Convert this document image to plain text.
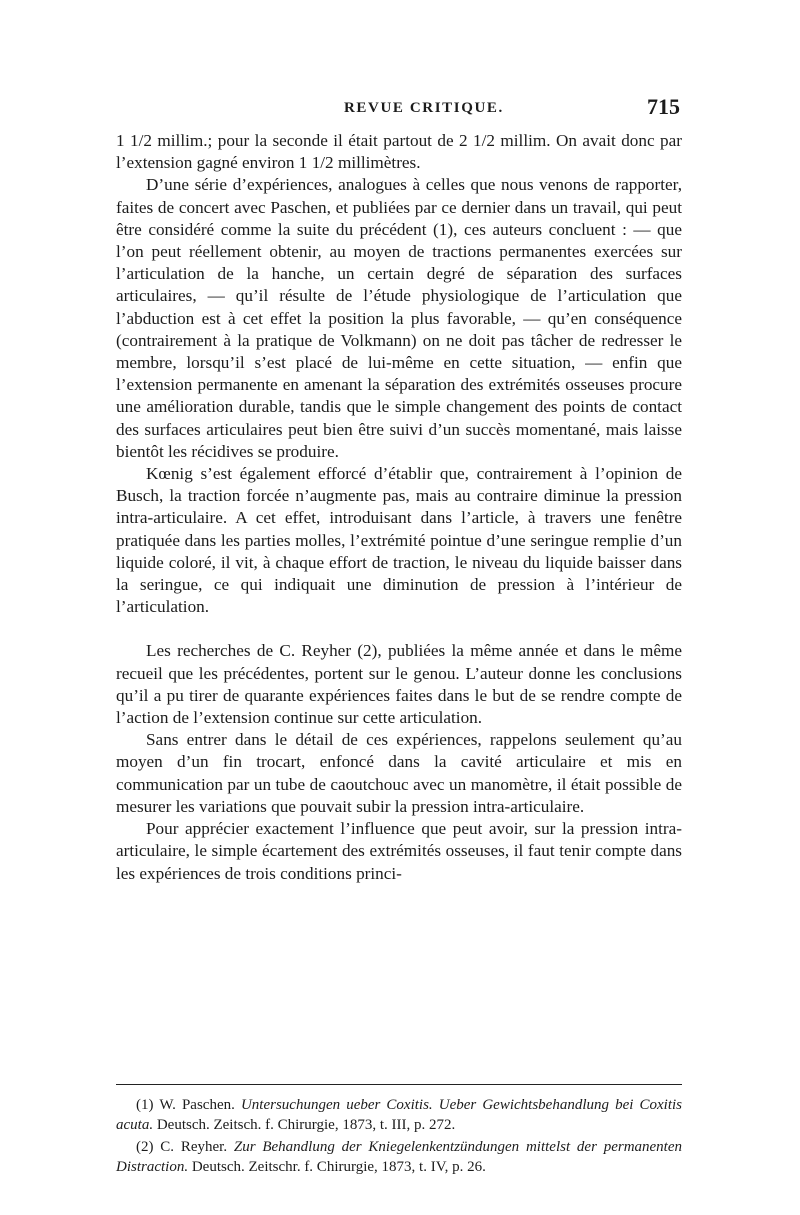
REVUE CRITIQUE.	715

1 1/2 millim.; pour la seconde il était partout de 2 1/2 millim. On avait donc par l’extension gagné environ 1 1/2 millimètres.

D’une série d’expériences, analogues à celles que nous venons de rapporter, faites de concert avec Paschen, et publiées par ce dernier dans un travail, qui peut être considéré comme la suite du précédent (1), ces auteurs concluent : — que l’on peut réellement obtenir, au moyen de tractions permanentes exercées sur l’articulation de la hanche, un certain degré de séparation des surfaces articulaires, — qu’il résulte de l’étude physiologique de l’articulation que l’abduction est à cet effet la position la plus favorable, — qu’en conséquence (contrairement à la pratique de Volkmann) on ne doit pas tâcher de redresser le membre, lorsqu’il s’est placé de lui-même en cette situation, — enfin que l’extension permanente en amenant la séparation des extrémités osseuses procure une amélioration durable, tandis que le simple changement des points de contact des surfaces articulaires peut bien être suivi d’un succès momentané, mais laisse bientôt les récidives se produire.

Kœnig s’est également efforcé d’établir que, contrairement à l’opinion de Busch, la traction forcée n’augmente pas, mais au contraire diminue la pression intra-articulaire. A cet effet, introduisant dans l’article, à travers une fenêtre pratiquée dans les parties molles, l’extrémité pointue d’une seringue remplie d’un liquide coloré, il vit, à chaque effort de traction, le niveau du liquide baisser dans la seringue, ce qui indiquait une diminution de pression à l’intérieur de l’articulation.

Les recherches de C. Reyher (2), publiées la même année et dans le même recueil que les précédentes, portent sur le genou. L’auteur donne les conclusions qu’il a pu tirer de quarante expériences faites dans le but de se rendre compte de l’action de l’extension continue sur cette articulation.

Sans entrer dans le détail de ces expériences, rappelons seulement qu’au moyen d’un fin trocart, enfoncé dans la cavité articulaire et mis en communication par un tube de caoutchouc avec un manomètre, il était possible de mesurer les variations que pouvait subir la pression intra-articulaire.

Pour apprécier exactement l’influence que peut avoir, sur la pression intra-articulaire, le simple écartement des extrémités osseuses, il faut tenir compte dans les expériences de trois conditions princi-

(1) W. Paschen. Untersuchungen ueber Coxitis. Ueber Gewichtsbehandlung bei Coxitis acuta. Deutsch. Zeitsch. f. Chirurgie, 1873, t. III, p. 272.

(2) C. Reyher. Zur Behandlung der Kniegelenkentzündungen mittelst der permanenten Distraction. Deutsch. Zeitschr. f. Chirurgie, 1873, t. IV, p. 26.
